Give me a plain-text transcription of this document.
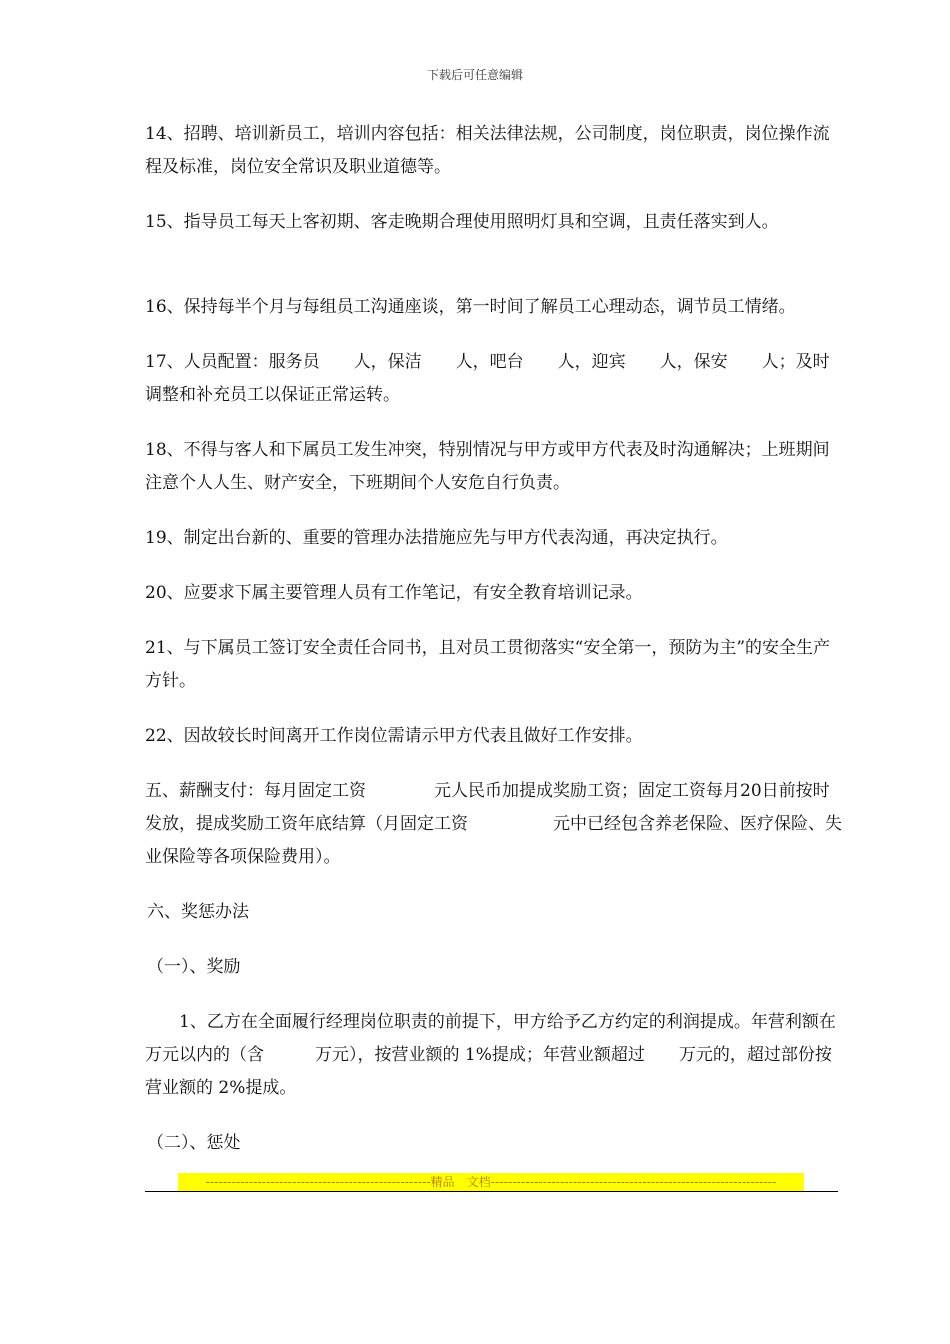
下载后可任意编辑

14、招聘、培训新员工，培训内容包括：相关法律法规，公司制度，岗位职责，岗位操作流程及标准，岗位安全常识及职业道德等。

15、指导员工每天上客初期、客走晚期合理使用照明灯具和空调，且责任落实到人。

16、保持每半个月与每组员工沟通座谈，第一时间了解员工心理动态，调节员工情绪。

17、人员配置：服务员　　人，保洁　　人，吧台　　人，迎宾　　人，保安　　人；及时调整和补充员工以保证正常运转。

18、不得与客人和下属员工发生冲突，特别情况与甲方或甲方代表及时沟通解决；上班期间注意个人人生、财产安全，下班期间个人安危自行负责。

19、制定出台新的、重要的管理办法措施应先与甲方代表沟通，再决定执行。

20、应要求下属主要管理人员有工作笔记，有安全教育培训记录。

21、与下属员工签订安全责任合同书，且对员工贯彻落实“安全第一，预防为主”的安全生产方针。

22、因故较长时间离开工作岗位需请示甲方代表且做好工作安排。

五、薪酬支付：每月固定工资　　　　元人民币加提成奖励工资；固定工资每月20日前按时发放，提成奖励工资年底结算（月固定工资　　　　　元中已经包含养老保险、医疗保险、失业保险等各项保险费用）。

六、奖惩办法

（一）、奖励

1、乙方在全面履行经理岗位职责的前提下，甲方给予乙方约定的利润提成。年营利额在　　　万元以内的（含　　　万元），按营业额的 1%提成；年营业额超过　　万元的，超过部份按营业额的 2%提成。

（二）、惩处

----------------------------------------------------精品　文档------------------------------------------------------------------
